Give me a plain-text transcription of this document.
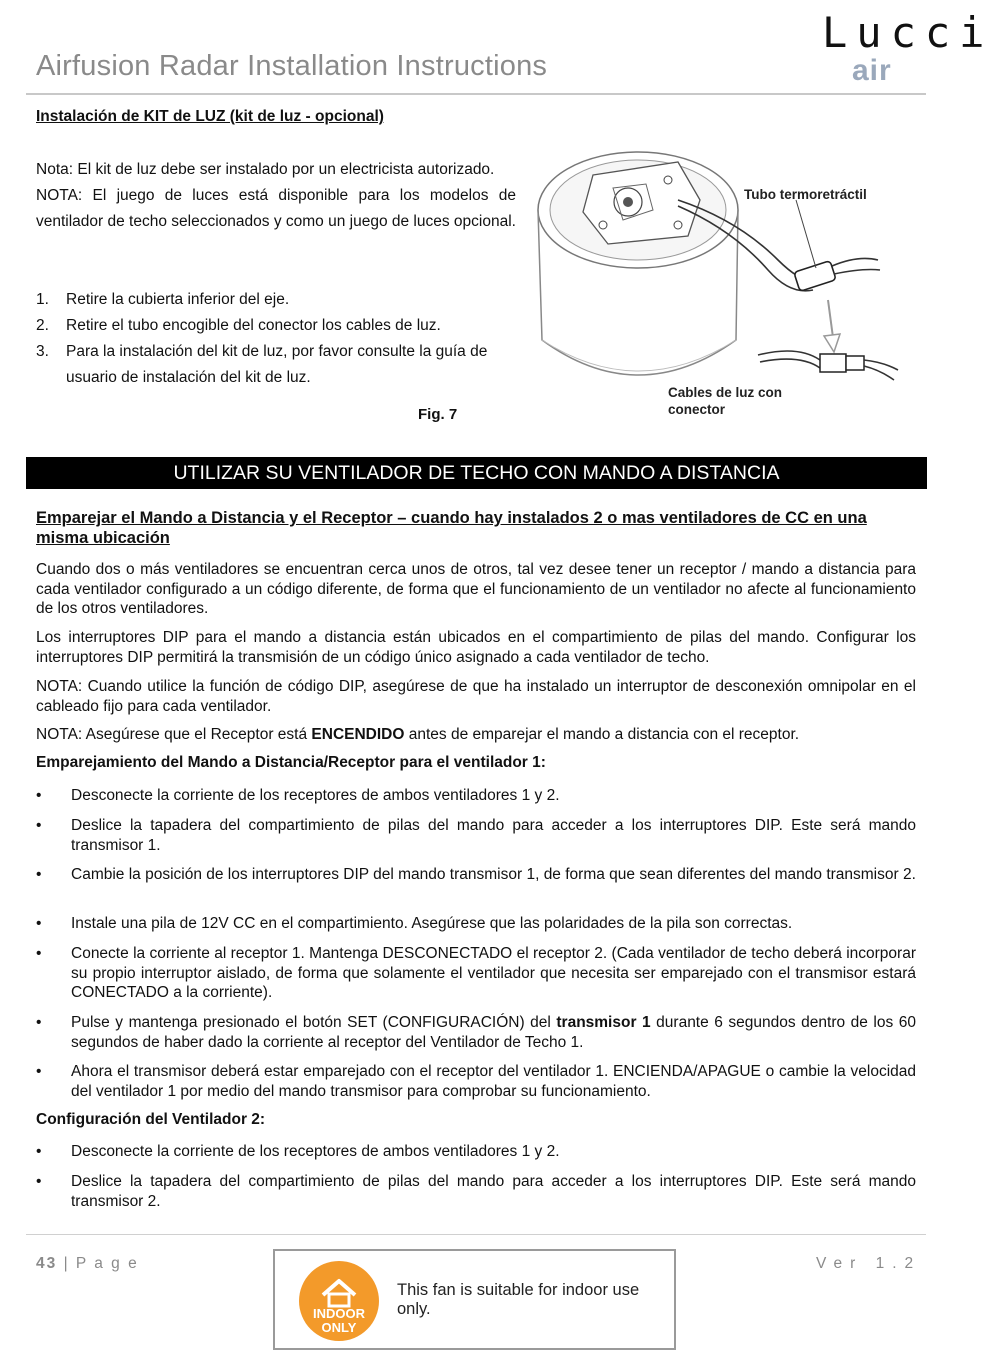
Airfusion Radar Installation Instructions
Lucci
air
Instalación de KIT de LUZ (kit de luz - opcional)
Nota: El kit de luz debe ser instalado por un electricista autorizado.
NOTA: El juego de luces está disponible para los modelos de ventilador de techo seleccionados y como un juego de luces opcional.
1. Retire la cubierta inferior del eje.
2. Retire el tubo encogible del conector los cables de luz.
3. Para la instalación del kit de luz, por favor consulte la guía de usuario de instalación del kit de luz.
Fig. 7
Tubo termoretráctil
Cables de luz con
conector
UTILIZAR SU VENTILADOR DE TECHO CON MANDO A DISTANCIA
Emparejar el Mando a Distancia y el Receptor – cuando hay instalados 2 o mas ventiladores de CC en una misma ubicación
Cuando dos o más ventiladores se encuentran cerca unos de otros, tal vez desee tener un receptor / mando a distancia para cada ventilador configurado a un código diferente, de forma que el funcionamiento de un ventilador no afecte al funcionamiento de los otros ventiladores.
Los interruptores DIP para el mando a distancia están ubicados en el compartimiento de pilas del mando. Configurar los interruptores DIP permitirá la transmisión de un código único asignado a cada ventilador de techo.
NOTA: Cuando utilice la función de código DIP, asegúrese de que ha instalado un interruptor de desconexión omnipolar en el cableado fijo para cada ventilador.
NOTA: Asegúrese que el Receptor está ENCENDIDO antes de emparejar el mando a distancia con el receptor.
Emparejamiento del Mando a Distancia/Receptor para el ventilador 1:
• Desconecte la corriente de los receptores de ambos ventiladores 1 y 2.
• Deslice la tapadera del compartimiento de pilas del mando para acceder a los interruptores DIP. Este será mando transmisor 1.
• Cambie la posición de los interruptores DIP del mando transmisor 1, de forma que sean diferentes del mando transmisor 2.
• Instale una pila de 12V CC en el compartimiento. Asegúrese que las polaridades de la pila son correctas.
• Conecte la corriente al receptor 1. Mantenga DESCONECTADO el receptor 2. (Cada ventilador de techo deberá incorporar su propio interruptor aislado, de forma que solamente el ventilador que necesita ser emparejado con el transmisor estará CONECTADO a la corriente).
• Pulse y mantenga presionado el botón SET (CONFIGURACIÓN) del transmisor 1 durante 6 segundos dentro de los 60 segundos de haber dado la corriente al receptor del Ventilador de Techo 1.
• Ahora el transmisor deberá estar emparejado con el receptor del ventilador 1. ENCIENDA/APAGUE o cambie la velocidad del ventilador 1 por medio del mando transmisor para comprobar su funcionamiento.
Configuración del Ventilador 2:
• Desconecte la corriente de los receptores de ambos ventiladores 1 y 2.
• Deslice la tapadera del compartimiento de pilas del mando para acceder a los interruptores DIP. Este será mando transmisor 2.
43 | P a g e	Ver 1.2
INDOOR
ONLY
This fan is suitable for indoor use only.
